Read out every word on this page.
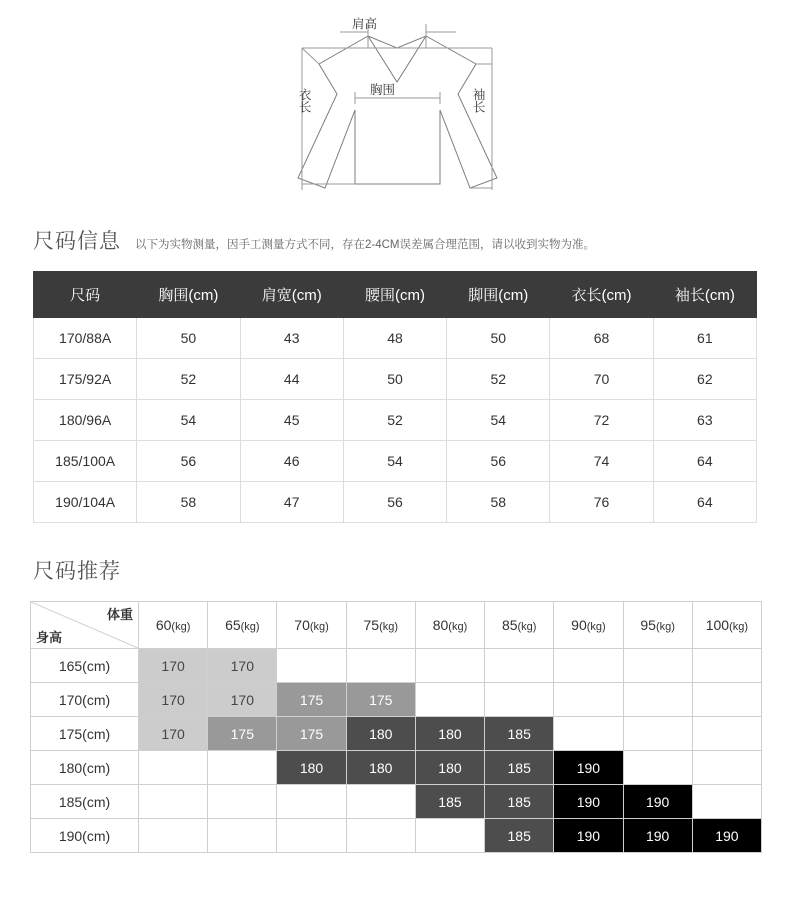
肩高
胸围
衣长	袖长
尺码信息 以下为实物测量，因手工测量方式不同，存在2-4CM误差属合理范围，请以收到实物为准。
尺码	胸围(cm)	肩宽(cm)	腰围(cm)	脚围(cm)	衣长(cm)	袖长(cm)
170/88A	50	43	48	50	68	61
175/92A	52	44	50	52	70	62
180/96A	54	45	52	54	72	63
185/100A	56	46	54	56	74	64
190/104A	58	47	56	58	76	64
尺码推荐
体重
身高	60(kg)	65(kg)	70(kg)	75(kg)	80(kg)	85(kg)	90(kg)	95(kg)	100(kg)
165(cm)	170	170							
170(cm)	170	170	175	175					
175(cm)	170	175	175	180	180	185			
180(cm)			180	180	180	185	190		
185(cm)					185	185	190	190	
190(cm)						185	190	190	190
